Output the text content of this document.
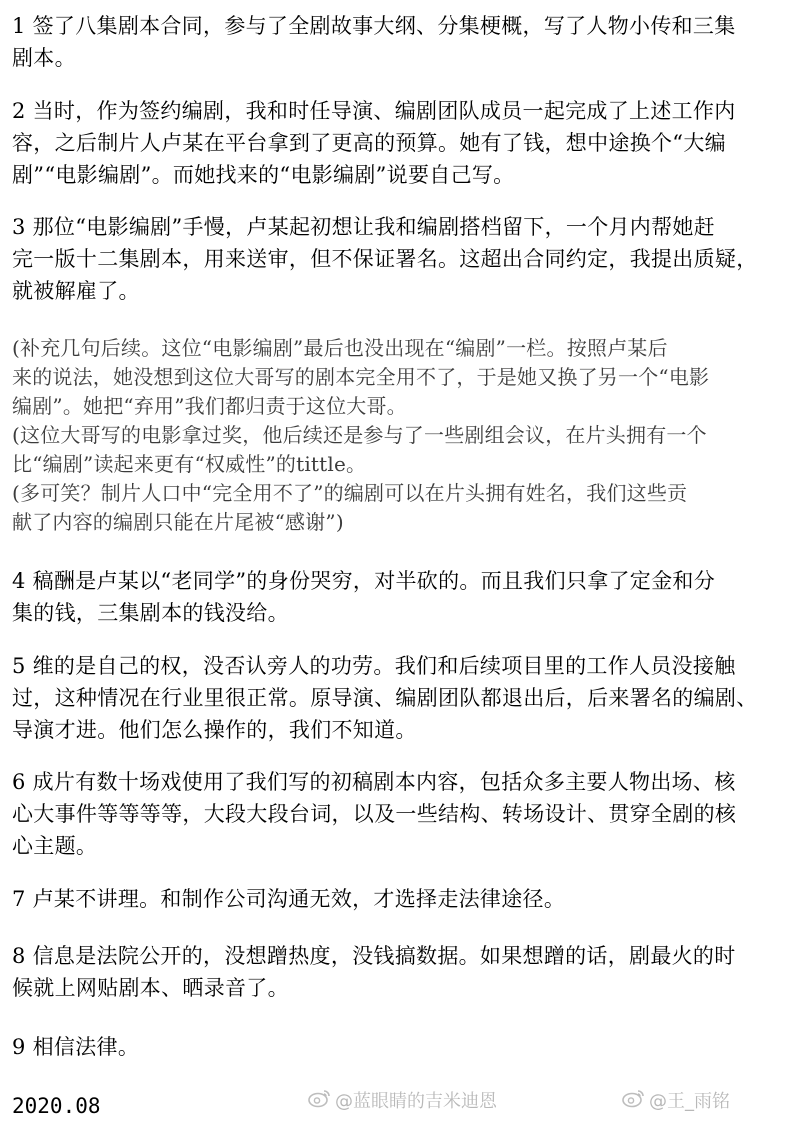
1 签了八集剧本合同，参与了全剧故事大纲、分集梗概，写了人物小传和三集

剧本。

2 当时，作为签约编剧，我和时任导演、编剧团队成员一起完成了上述工作内

容，之后制片人卢某在平台拿到了更高的预算。她有了钱，想中途换个“大编

剧”“电影编剧”。而她找来的“电影编剧”说要自己写。

3 那位“电影编剧”手慢，卢某起初想让我和编剧搭档留下，一个月内帮她赶

完一版十二集剧本，用来送审，但不保证署名。这超出合同约定，我提出质疑，

就被解雇了。

(补充几句后续。这位“电影编剧”最后也没出现在“编剧”一栏。按照卢某后

来的说法，她没想到这位大哥写的剧本完全用不了，于是她又换了另一个“电影

编剧”。她把“弃用”我们都归责于这位大哥。

(这位大哥写的电影拿过奖，他后续还是参与了一些剧组会议，在片头拥有一个

比“编剧”读起来更有“权威性”的tittle。

(多可笑？制片人口中“完全用不了”的编剧可以在片头拥有姓名，我们这些贡

献了内容的编剧只能在片尾被“感谢”)

4 稿酬是卢某以“老同学”的身份哭穷，对半砍的。而且我们只拿了定金和分

集的钱，三集剧本的钱没给。

5 维的是自己的权，没否认旁人的功劳。我们和后续项目里的工作人员没接触

过，这种情况在行业里很正常。原导演、编剧团队都退出后，后来署名的编剧、

导演才进。他们怎么操作的，我们不知道。

6 成片有数十场戏使用了我们写的初稿剧本内容，包括众多主要人物出场、核

心大事件等等等等，大段大段台词，以及一些结构、转场设计、贯穿全剧的核

心主题。

7 卢某不讲理。和制作公司沟通无效，才选择走法律途径。

8 信息是法院公开的，没想蹭热度，没钱搞数据。如果想蹭的话，剧最火的时

候就上网贴剧本、晒录音了。

9 相信法律。

2020.08	@蓝眼睛的吉米迪恩	@王_雨铭
